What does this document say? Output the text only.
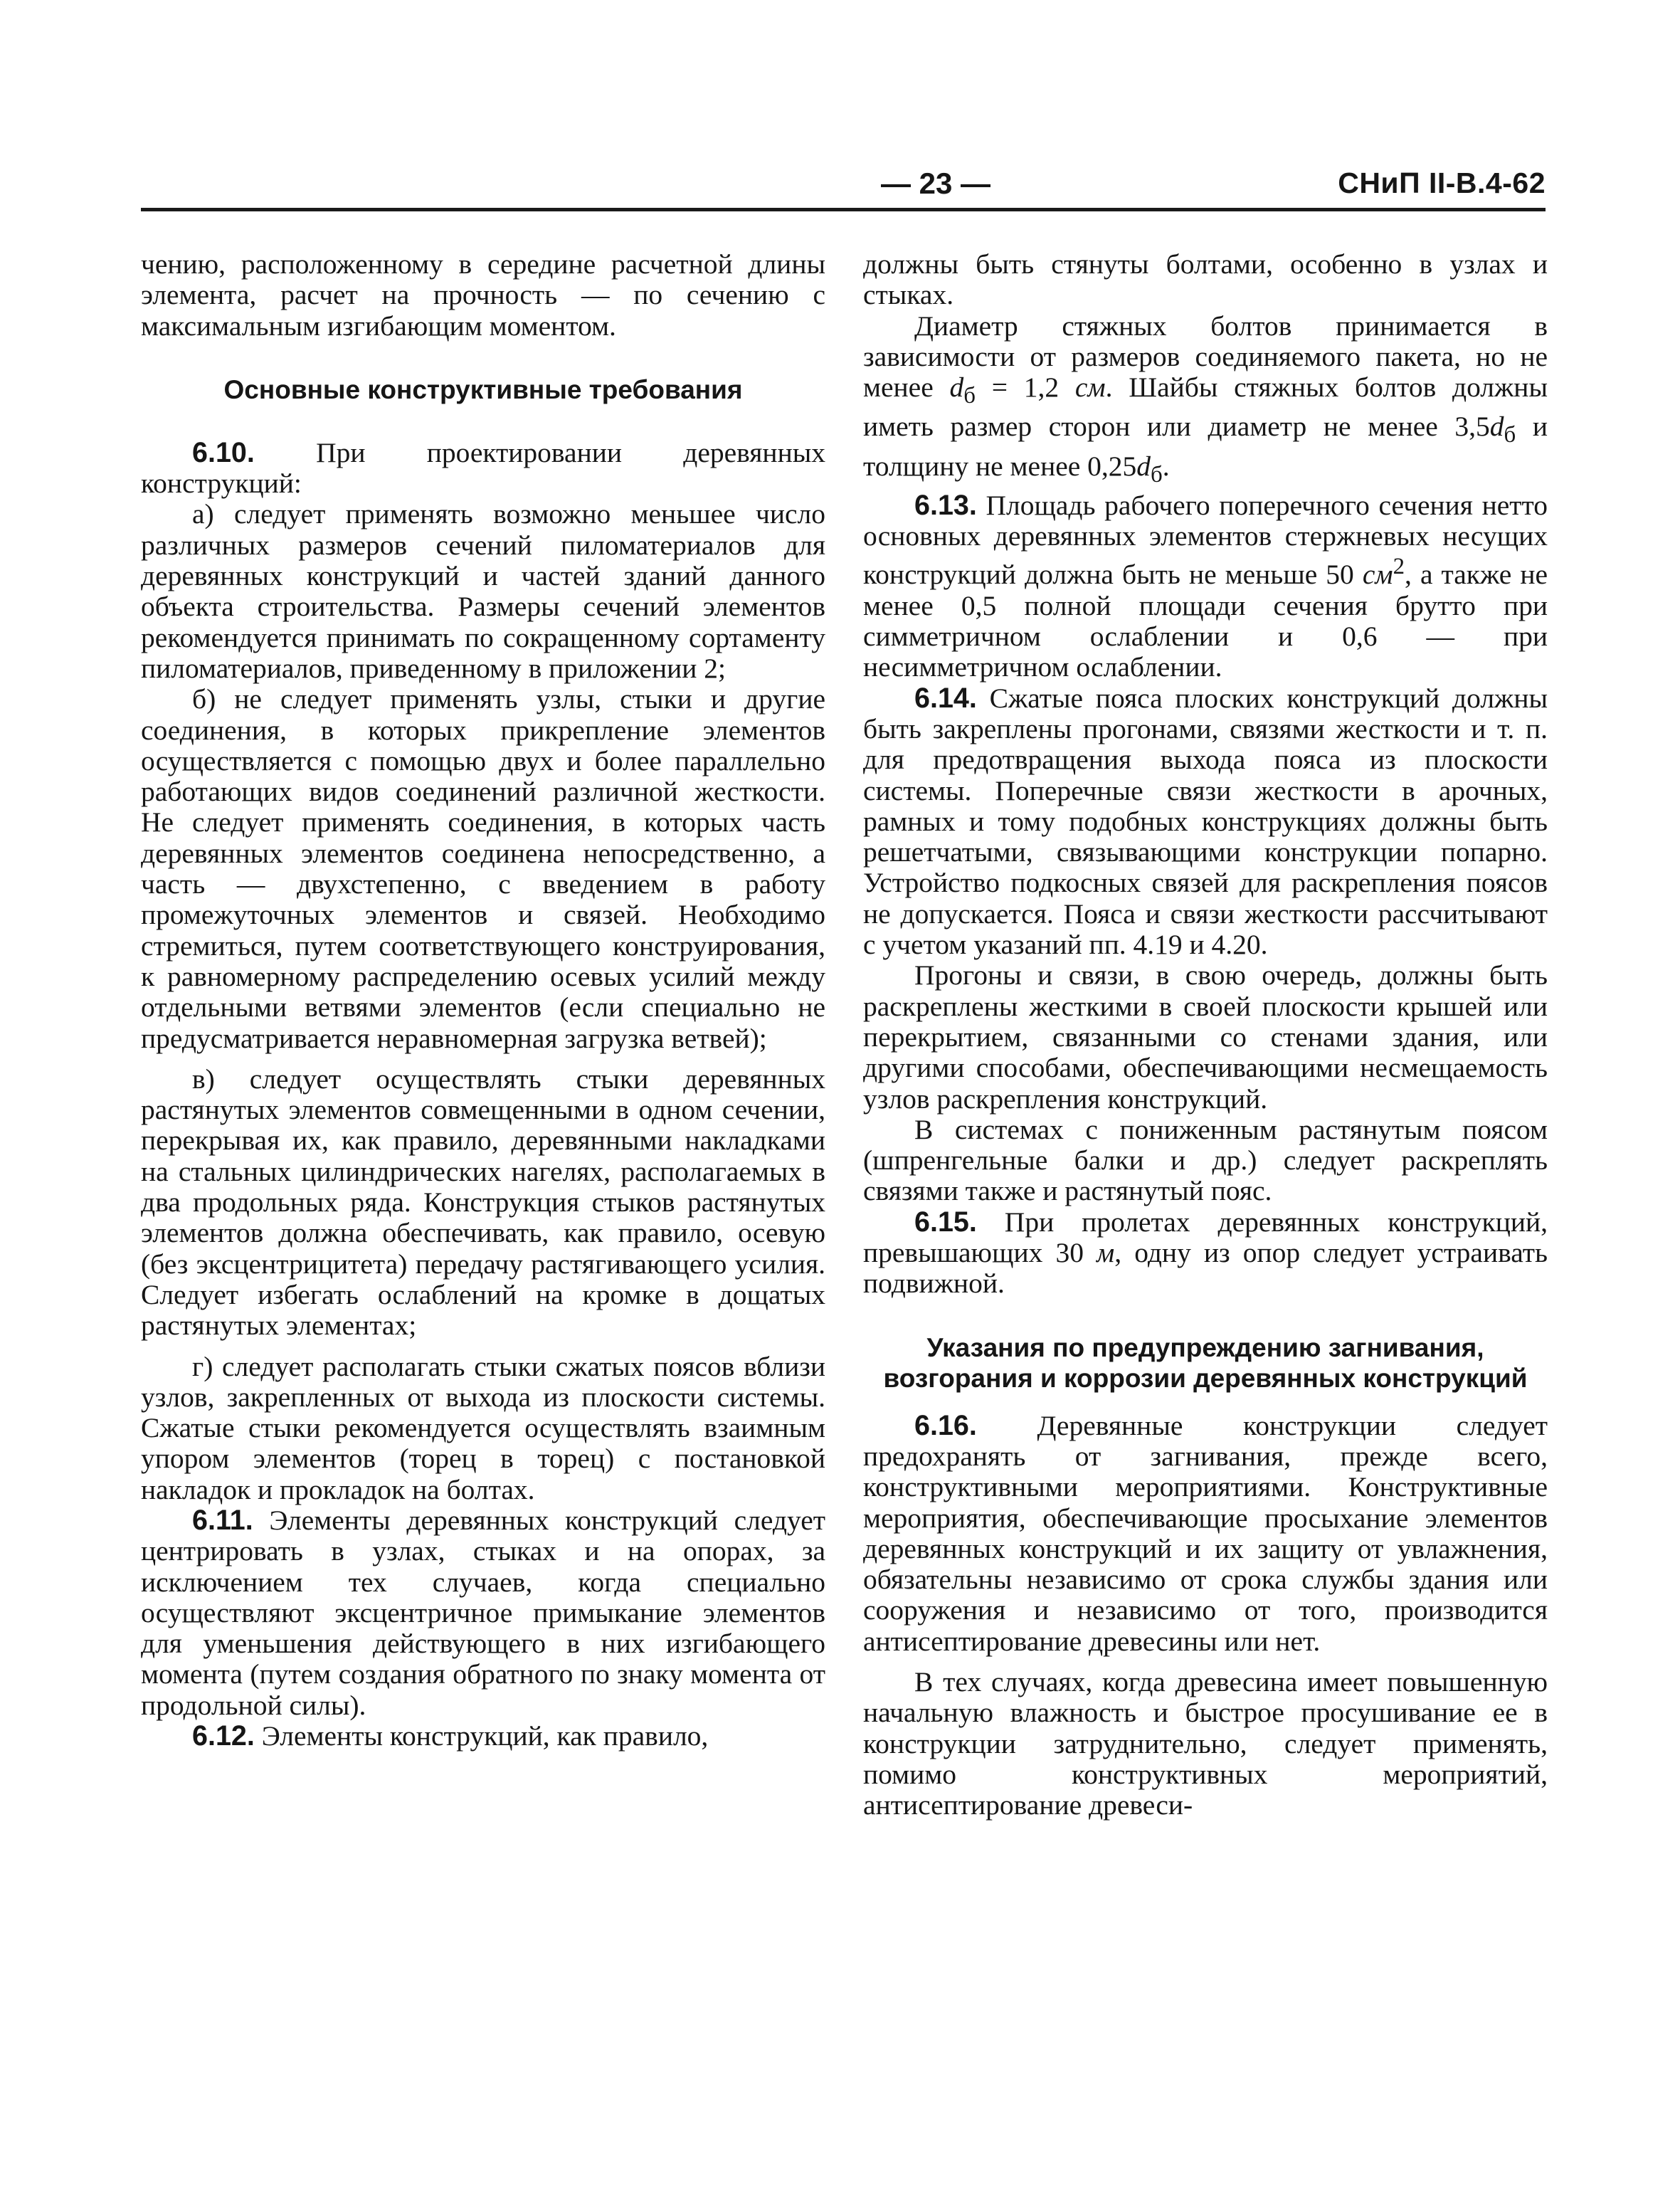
— 23 —	СНиП II-В.4-62

чению, расположенному в середине расчетной длины элемента, расчет на прочность — по сечению с максимальным изгибающим моментом.

Основные конструктивные требования

6.10. При проектировании деревянных конструкций:

а) следует применять возможно меньшее число различных размеров сечений пиломатериалов для деревянных конструкций и частей зданий данного объекта строительства. Размеры сечений элементов рекомендуется принимать по сокращенному сортаменту пиломатериалов, приведенному в приложении 2;

б) не следует применять узлы, стыки и другие соединения, в которых прикрепление элементов осуществляется с помощью двух и более параллельно работающих видов соединений различной жесткости. Не следует применять соединения, в которых часть деревянных элементов соединена непосредственно, а часть — двухстепенно, с введением в работу промежуточных элементов и связей. Необходимо стремиться, путем соответствующего конструирования, к равномерному распределению осевых усилий между отдельными ветвями элементов (если специально не предусматривается неравномерная загрузка ветвей);

в) следует осуществлять стыки деревянных растянутых элементов совмещенными в одном сечении, перекрывая их, как правило, деревянными накладками на стальных цилиндрических нагелях, располагаемых в два продольных ряда. Конструкция стыков растянутых элементов должна обеспечивать, как правило, осевую (без эксцентрицитета) передачу растягивающего усилия. Следует избегать ослаблений на кромке в дощатых растянутых элементах;

г) следует располагать стыки сжатых поясов вблизи узлов, закрепленных от выхода из плоскости системы. Сжатые стыки рекомендуется осуществлять взаимным упором элементов (торец в торец) с постановкой накладок и прокладок на болтах.

6.11. Элементы деревянных конструкций следует центрировать в узлах, стыках и на опорах, за исключением тех случаев, когда специально осуществляют эксцентричное примыкание элементов для уменьшения действующего в них изгибающего момента (путем создания обратного по знаку момента от продольной силы).

6.12. Элементы конструкций, как правило,

должны быть стянуты болтами, особенно в узлах и стыках.

Диаметр стяжных болтов принимается в зависимости от размеров соединяемого пакета, но не менее $d_б = 1,2$ см. Шайбы стяжных болтов должны иметь размер сторон или диаметр не менее $3,5d_б$ и толщину не менее $0,25d_б$.

6.13. Площадь рабочего поперечного сечения нетто основных деревянных элементов стержневых несущих конструкций должна быть не меньше 50 $см^2$, а также не менее 0,5 полной площади сечения брутто при симметричном ослаблении и 0,6 — при несимметричном ослаблении.

6.14. Сжатые пояса плоских конструкций должны быть закреплены прогонами, связями жесткости и т. п. для предотвращения выхода пояса из плоскости системы. Поперечные связи жесткости в арочных, рамных и тому подобных конструкциях должны быть решетчатыми, связывающими конструкции попарно. Устройство подкосных связей для раскрепления поясов не допускается. Пояса и связи жесткости рассчитывают с учетом указаний пп. 4.19 и 4.20.

Прогоны и связи, в свою очередь, должны быть раскреплены жесткими в своей плоскости крышей или перекрытием, связанными со стенами здания, или другими способами, обеспечивающими несмещаемость узлов раскрепления конструкций.

В системах с пониженным растянутым поясом (шпренгельные балки и др.) следует раскреплять связями также и растянутый пояс.

6.15. При пролетах деревянных конструкций, превышающих 30 м, одну из опор следует устраивать подвижной.

Указания по предупреждению загнивания, возгорания и коррозии деревянных конструкций

6.16. Деревянные конструкции следует предохранять от загнивания, прежде всего, конструктивными мероприятиями. Конструктивные мероприятия, обеспечивающие просыхание элементов деревянных конструкций и их защиту от увлажнения, обязательны независимо от срока службы здания или сооружения и независимо от того, производится антисептирование древесины или нет.

В тех случаях, когда древесина имеет повышенную начальную влажность и быстрое просушивание ее в конструкции затруднительно, следует применять, помимо конструктивных мероприятий, антисептирование древеси-
